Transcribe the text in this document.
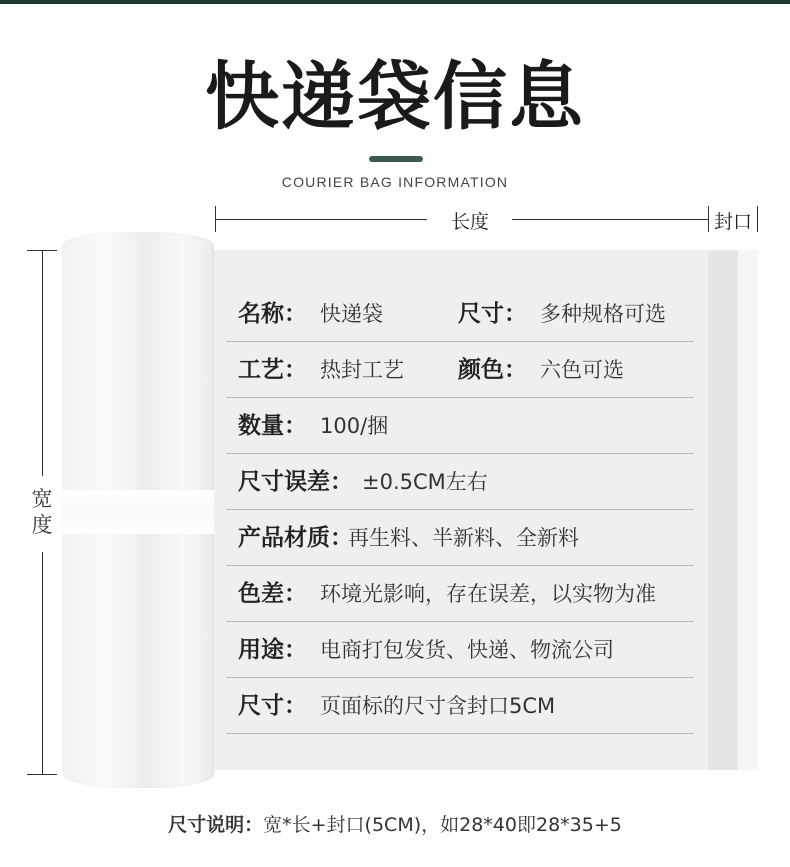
快递袋信息
COURIER BAG INFORMATION
长度	封口
宽度
名称： 快递袋	尺寸： 多种规格可选
工艺： 热封工艺 颜色： 六色可选
数量： 100/捆
尺寸误差： ±0.5CM左右
产品材质：
再生料、半新料、全新料
色差： 环境光影响，存在误差，以实物为准
用途： 电商打包发货、快递、物流公司
尺寸： 页面标的尺寸含封口5CM
尺寸说明：宽*长+封口(5CM)，如28*40即28*35+5
